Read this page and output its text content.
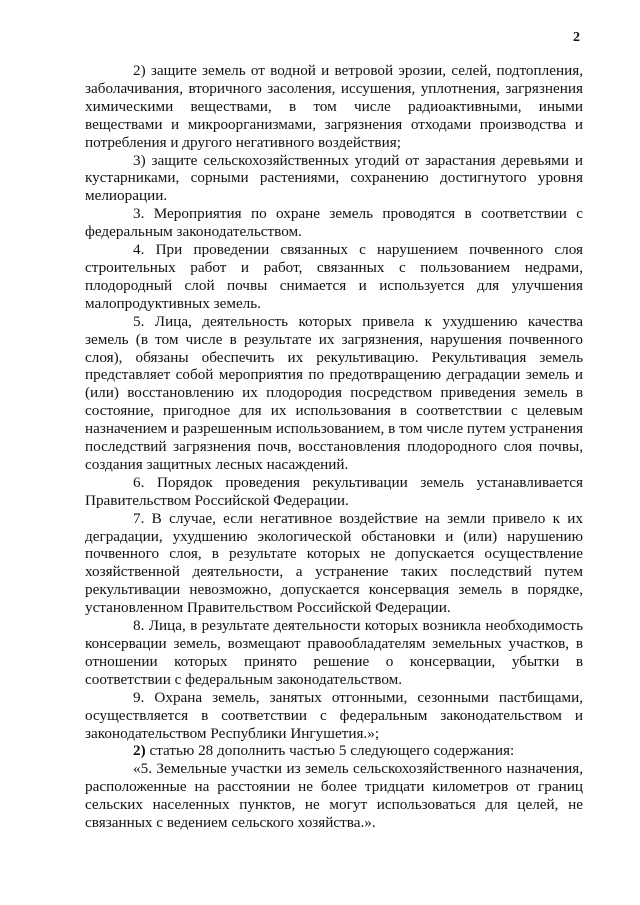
2

2) защите земель от водной и ветровой эрозии, селей, подтопления, заболачивания, вторичного засоления, иссушения, уплотнения, загрязнения химическими веществами, в том числе радиоактивными, иными веществами и микроорганизмами, загрязнения отходами производства и потребления и другого негативного воздействия;

3) защите сельскохозяйственных угодий от зарастания деревьями и кустарниками, сорными растениями, сохранению достигнутого уровня мелиорации.

3. Мероприятия по охране земель проводятся в соответствии с федеральным законодательством.

4. При проведении связанных с нарушением почвенного слоя строительных работ и работ, связанных с пользованием недрами, плодородный слой почвы снимается и используется для улучшения малопродуктивных земель.

5. Лица, деятельность которых привела к ухудшению качества земель (в том числе в результате их загрязнения, нарушения почвенного слоя), обязаны обеспечить их рекультивацию. Рекультивация земель представляет собой мероприятия по предотвращению деградации земель и (или) восстановлению их плодородия посредством приведения земель в состояние, пригодное для их использования в соответствии с целевым назначением и разрешенным использованием, в том числе путем устранения последствий загрязнения почв, восстановления плодородного слоя почвы, создания защитных лесных насаждений.

6. Порядок проведения рекультивации земель устанавливается Правительством Российской Федерации.

7. В случае, если негативное воздействие на земли привело к их деградации, ухудшению экологической обстановки и (или) нарушению почвенного слоя, в результате которых не допускается осуществление хозяйственной деятельности, а устранение таких последствий путем рекультивации невозможно, допускается консервация земель в порядке, установленном Правительством Российской Федерации.

8. Лица, в результате деятельности которых возникла необходимость консервации земель, возмещают правообладателям земельных участков, в отношении которых принято решение о консервации, убытки в соответствии с федеральным законодательством.

9. Охрана земель, занятых отгонными, сезонными пастбищами, осуществляется в соответствии с федеральным законодательством и законодательством Республики Ингушетия.»;

2) статью 28 дополнить частью 5 следующего содержания:

«5. Земельные участки из земель сельскохозяйственного назначения, расположенные на расстоянии не более тридцати километров от границ сельских населенных пунктов, не могут использоваться для целей, не связанных с ведением сельского хозяйства.».
